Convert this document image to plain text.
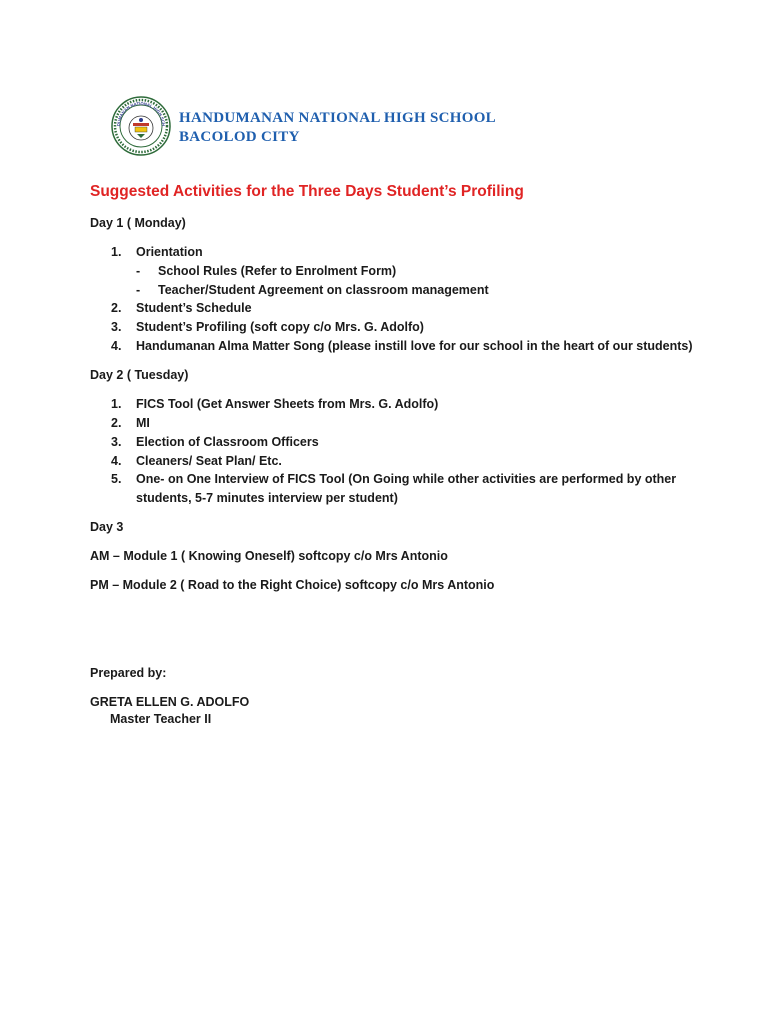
DUMANAN NATIONAL HIGH SCH HANDUMANAN NATIONAL HIGH SCHOOL
BACOLOD CITY
Suggested Activities for the Three Days Student’s Profiling
Day 1 ( Monday)
1. Orientation
- School Rules (Refer to Enrolment Form)
- Teacher/Student Agreement on classroom management
2. Student’s Schedule
3. Student’s Profiling (soft copy c/o Mrs. G. Adolfo)
4. Handumanan Alma Matter Song (please instill love for our school in the heart of our students)
Day 2 ( Tuesday)
1. FICS Tool (Get Answer Sheets from Mrs. G. Adolfo)
2. MI
3. Election of Classroom Officers
4. Cleaners/ Seat Plan/ Etc.
5. One- on One Interview of FICS Tool (On Going while other activities are performed by other
students, 5-7 minutes interview per student)
Day 3
AM – Module 1 ( Knowing Oneself) softcopy c/o Mrs Antonio
PM – Module 2 ( Road to the Right Choice) softcopy c/o Mrs Antonio
Prepared by:
GRETA ELLEN G. ADOLFO
Master Teacher II
